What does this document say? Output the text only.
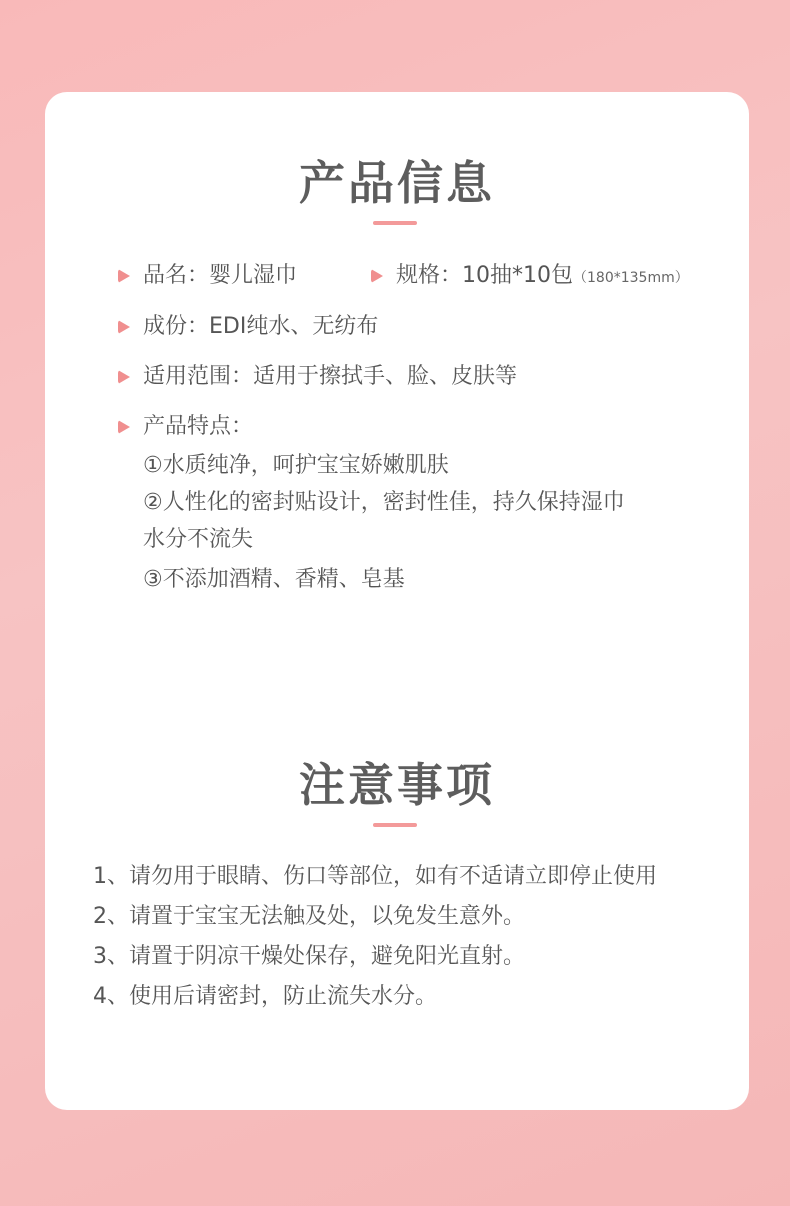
产品信息
品名：婴儿湿巾	规格：10抽*10包（180*135mm）
成份：EDI纯水、无纺布
适用范围：适用于擦拭手、脸、皮肤等
产品特点：
①水质纯净，呵护宝宝娇嫩肌肤
②人性化的密封贴设计，密封性佳，持久保持湿巾
水分不流失
③不添加酒精、香精、皂基
注意事项
1、请勿用于眼睛、伤口等部位，如有不适请立即停止使用
2、请置于宝宝无法触及处，以免发生意外。
3、请置于阴凉干燥处保存，避免阳光直射。
4、使用后请密封，防止流失水分。
